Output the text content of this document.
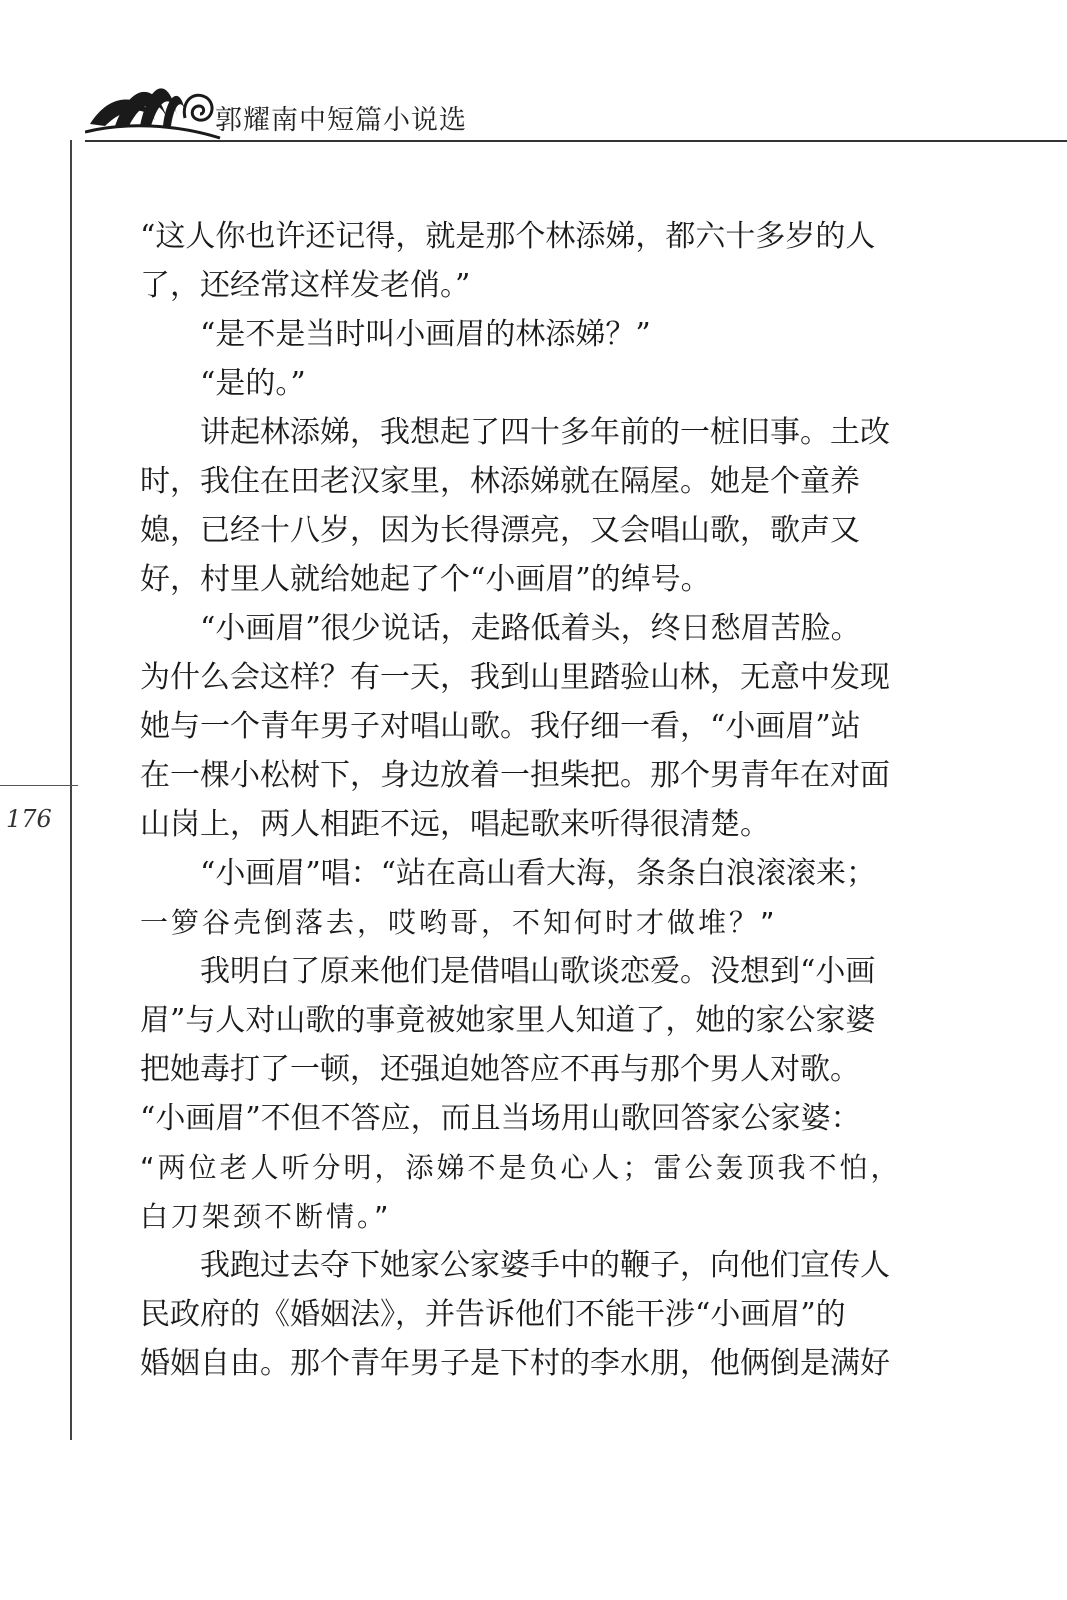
郭耀南中短篇小说选
176
“这人你也许还记得，就是那个林添娣，都六十多岁的人
了，还经常这样发老俏。”
“是不是当时叫小画眉的林添娣？”
“是的。”
讲起林添娣，我想起了四十多年前的一桩旧事。土改
时，我住在田老汉家里，林添娣就在隔屋。她是个童养
媳，已经十八岁，因为长得漂亮，又会唱山歌，歌声又
好，村里人就给她起了个“小画眉”的绰号。
“小画眉”很少说话，走路低着头，终日愁眉苦脸。
为什么会这样？有一天，我到山里踏验山林，无意中发现
她与一个青年男子对唱山歌。我仔细一看，“小画眉”站
在一棵小松树下，身边放着一担柴把。那个男青年在对面
山岗上，两人相距不远，唱起歌来听得很清楚。
“小画眉”唱：“站在高山看大海，条条白浪滚滚来；
一箩谷壳倒落去，哎哟哥，不知何时才做堆？”
我明白了原来他们是借唱山歌谈恋爱。没想到“小画
眉”与人对山歌的事竟被她家里人知道了，她的家公家婆
把她毒打了一顿，还强迫她答应不再与那个男人对歌。
“小画眉”不但不答应，而且当场用山歌回答家公家婆：
“两位老人听分明，添娣不是负心人；雷公轰顶我不怕，
白刀架颈不断情。”
我跑过去夺下她家公家婆手中的鞭子，向他们宣传人
民政府的《婚姻法》，并告诉他们不能干涉“小画眉”的
婚姻自由。那个青年男子是下村的李水朋，他俩倒是满好
